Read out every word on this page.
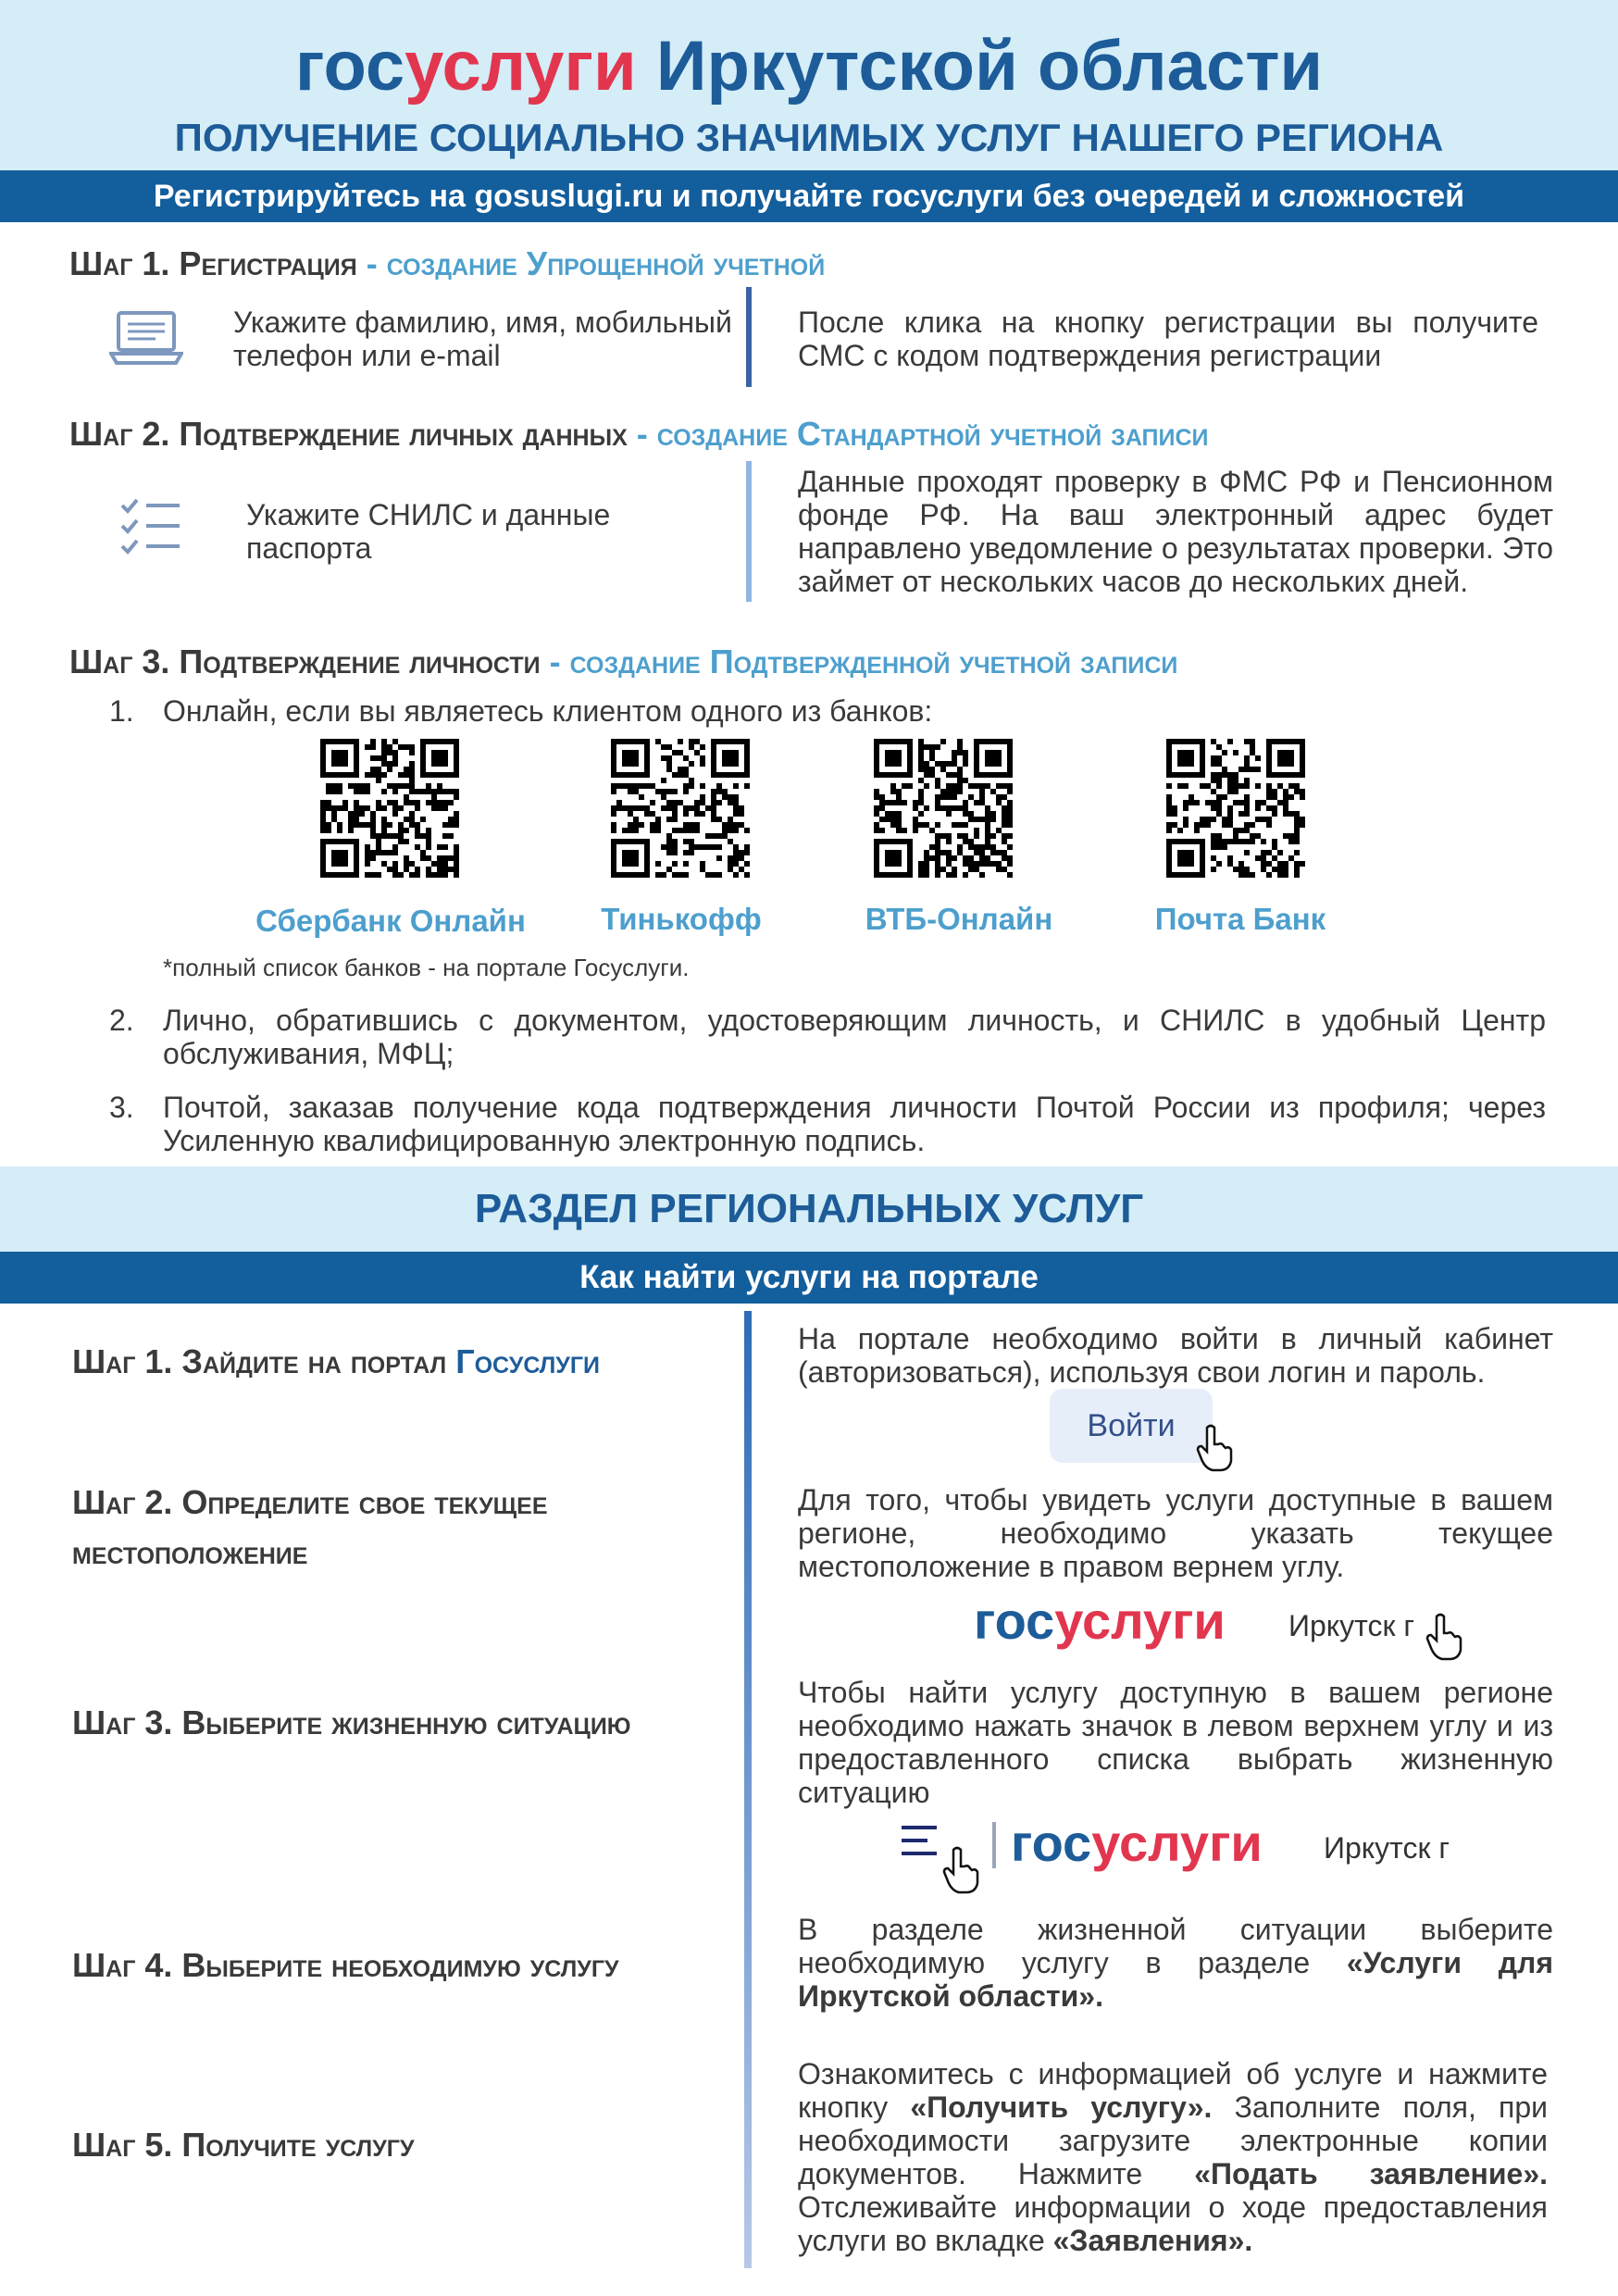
госуслуги Иркутской области
ПОЛУЧЕНИЕ СОЦИАЛЬНО ЗНАЧИМЫХ УСЛУГ НАШЕГО РЕГИОНА
Регистрируйтесь на gosuslugi.ru и получайте госуслуги без очередей и сложностей
Шаг 1. Регистрация - создание Упрощенной учетной
Укажите фамилию, имя, мобильный телефон или e-mail
После клика на кнопку регистрации вы получите СМС с кодом подтверждения регистрации
Шаг 2. Подтверждение личных данных - создание Стандартной учетной записи
Укажите СНИЛС и данные паспорта
Данные проходят проверку в ФМС РФ и Пенсионном фонде РФ. На ваш электронный адрес будет направлено уведомление о результатах проверки. Это займет от нескольких часов до нескольких дней.
Шаг 3. Подтверждение личности - создание Подтвержденной учетной записи
1. Онлайн, если вы являетесь клиентом одного из банков:
Сбербанк Онлайн	Тинькофф	ВТБ-Онлайн	Почта Банк
*полный список банков - на портале Госуслуги.
2. Лично, обратившись с документом, удостоверяющим личность, и СНИЛС в удобный Центр обслуживания, МФЦ;
3. Почтой, заказав получение кода подтверждения личности Почтой России из профиля; через Усиленную квалифицированную электронную подпись.
РАЗДЕЛ РЕГИОНАЛЬНЫХ УСЛУГ
Как найти услуги на портале
Шаг 1. Зайдите на портал Госуслуги
На портале необходимо войти в личный кабинет (авторизоваться), используя свои логин и пароль.
Войти
Шаг 2. Определите свое текущее местоположение
Для того, чтобы увидеть услуги доступные в вашем регионе, необходимо указать текущее местоположение в правом вернем углу.
госуслуги Иркутск г
Шаг 3. Выберите жизненную ситуацию
Чтобы найти услугу доступную в вашем регионе необходимо нажать значок в левом верхнем углу и из предоставленного списка выбрать жизненную ситуацию
госуслуги Иркутск г
Шаг 4. Выберите необходимую услугу
В разделе жизненной ситуации выберите необходимую услугу в разделе «Услуги для Иркутской области».
Шаг 5. Получите услугу
Ознакомитесь с информацией об услуге и нажмите кнопку «Получить услугу». Заполните поля, при необходимости загрузите электронные копии документов. Нажмите «Подать заявление». Отслеживайте информации о ходе предоставления услуги во вкладке «Заявления».
